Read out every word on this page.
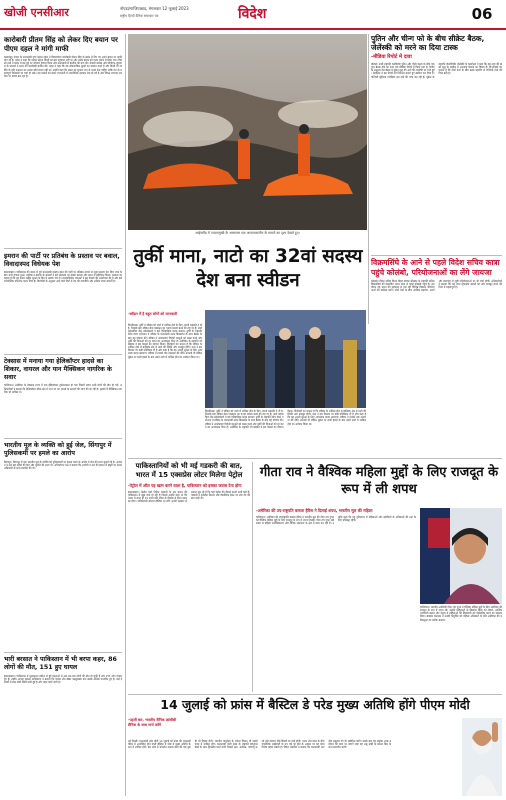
खोजी एनसीआर	नोएडा/गाजियाबाद, मंगलवार 12 जुलाई 2023
राष्ट्रीय हिन्दी दैनिक समाचार पत्र	विदेश	06
कारोबारी प्रीतम सिंह को लेकर दिए बयान पर पीएम दहल ने मांगी माफी
काठमांडू। नेपाल के प्रधानमंत्री पुष्प कमल दहल ने विवादास्पद कारोबारी प्रीतम सिंह के संबंध में दिए गए अपने बयान पर माफी मांग ली है। दहल ने कहा कि उनका उद्देश्य किसी को ठेस पहुंचाना नहीं था और उनके बयान को गलत संदर्भ में लिया गया। विपक्षी दलों ने संसद में इस मुद्दे पर जोरदार हंगामा किया और प्रधानमंत्री से इस्तीफे की मांग की। नेपाली कांग्रेस और सीपीएन-यूएमएल के सांसदों ने सदन की कार्यवाही बाधित की। दहल ने कहा कि वह लोकतांत्रिक मूल्यों का सम्मान करते हैं और किसी भी व्यक्ति के प्रति पक्षपात का उनका कोई इरादा नहीं था। उन्होंने कहा कि संसद को सुचारू रूप से चलने देना चाहिए ताकि देश के महत्वपूर्ण विधेयकों पर चर्चा हो सके। इस मामले को लेकर राजधानी में राजनीतिक हलचल तेज हो गई है और विपक्ष लगातार सरकार पर दबाव बना रहा है।
इमरान की पार्टी पर प्रतिबंध के प्रस्ताव पर बवाल, विवादास्पद विधेयक पेश
इस्लामाबाद। पाकिस्तान की संसद में पूर्व प्रधानमंत्री इमरान खान की पार्टी पर प्रतिबंध लगाने से जुड़ा प्रस्ताव पेश किए जाने के बाद भारी हंगामा हुआ। तहरीक-ए-इंसाफ के सांसदों ने इसे लोकतंत्र पर हमला बताया और सदन से बहिर्गमन किया। सरकार का कहना है कि यह कदम राष्ट्रीय सुरक्षा के हित में उठाया गया है। मानवाधिकार संगठनों ने इस फैसले की आलोचना की है और इसे राजनीतिक प्रतिशोध करार दिया है। विशेषज्ञों के अनुसार आने वाले दिनों में देश की राजनीति और अधिक गरमा सकती है।
टेक्सास में मनाया गया हेलिकॉप्टर हादसे का शिकार, वायरल और यान मैक्सिकन नागरिक के सवार
वाशिंगटन। अमेरिका के टेक्सास राज्य में एक हेलिकॉप्टर दुर्घटनाग्रस्त हो गया जिसमें सवार सभी लोगों की मौत हो गई। अधिकारियों ने बताया कि हेलिकॉप्टर सीमा क्षेत्र में गश्त पर था। हादसे के कारणों की जांच की जा रही है। मृतकों में मैक्सिकन नागरिक भी शामिल थे।
भारतीय मूल के व्यक्ति को हुई जेल, सिंगापुर में पुलिसकर्मी पर हमले का आरोप
सिंगापुर। सिंगापुर में एक भारतीय मूल के व्यक्ति को पुलिसकर्मी पर हमला करने के आरोप में जेल की सजा सुनाई गई है। अदालत ने उसे छह महीने की कैद और जुर्माने की सजा दी। अभियोजन पक्ष ने बताया कि आरोपी ने नशे की हालत में ड्यूटी पर तैनात अधिकारी के साथ मारपीट की थी।
भारी बरसात ने पाकिस्तान में भी बरपा कहर, 86 लोगों की मौत, 151 हुए घायल
इस्लामाबाद। पाकिस्तान में मूसलाधार बारिश से हुई घटनाओं में अब तक 86 लोगों की मौत हो चुकी है और 151 लोग घायल हुए हैं। राष्ट्रीय आपदा प्रबंधन प्राधिकरण ने बताया कि पंजाब और खैबर पख्तूनख्वा प्रांत सबसे अधिक प्रभावित हुए हैं। कई इलाकों में बाढ़ जैसी स्थिति बनी हुई है और राहत कार्य जारी है।
आईसलैंड में ज्वालामुखी के आसपास एक आपातकालीन के मामले का दृश्य देखते हुए।
तुर्की माना, नाटो का 32वां सदस्य देश बना स्वीडन
-स्वीडन में है बहुत लोगों को जानकारी
विलनियस। तुर्की ने स्वीडन को नाटो में शामिल होने के लिए अपनी सहमति दे दी है, जिसके बाद स्वीडन सैन्य गठबंधन का 32वां सदस्य बनने की राह पर है। नाटो महासचिव जेंस स्टोल्टेनबर्ग ने इसे ऐतिहासिक कदम बताया। तुर्की के राष्ट्रपति रेसेप तैयप एर्दोआन ने स्वीडन के प्रधानमंत्री उल्फ क्रिस्टर्सन के साथ बैठक के बाद यह घोषणा की। स्वीडन ने आतंकवाद विरोधी कानूनों को सख्त करने और तुर्की की चिंताओं को दूर करने का आश्वासन दिया है। अमेरिका के राष्ट्रपति जो बाइडन ने इस फैसले का स्वागत किया। विशेषज्ञों का मानना है कि स्वीडन के शामिल होने से बाल्टिक क्षेत्र में नाटो की स्थिति और मजबूत होगी। रूस ने इस विस्तार पर कड़ी प्रतिक्रिया दी है और कहा है कि वह अपनी सुरक्षा के लिए आवश्यक कदम उठाएगा। स्वीडन ने दशकों तक तटस्थता की नीति अपनाई थी लेकिन यूक्रेन पर रूसी हमले के बाद उसने नाटो में शामिल होने का आवेदन किया था।
विलनियस। तुर्की ने स्वीडन को नाटो में शामिल होने के लिए अपनी सहमति दे दी है, जिसके बाद स्वीडन सैन्य गठबंधन का 32वां सदस्य बनने की राह पर है। नाटो महासचिव जेंस स्टोल्टेनबर्ग ने इसे ऐतिहासिक कदम बताया। तुर्की के राष्ट्रपति रेसेप तैयप एर्दोआन ने स्वीडन के प्रधानमंत्री उल्फ क्रिस्टर्सन के साथ बैठक के बाद यह घोषणा की। स्वीडन ने आतंकवाद विरोधी कानूनों को सख्त करने और तुर्की की चिंताओं को दूर करने का आश्वासन दिया है। अमेरिका के राष्ट्रपति जो बाइडन ने इस फैसले का स्वागत किया। विशेषज्ञों का मानना है कि स्वीडन के शामिल होने से बाल्टिक क्षेत्र में नाटो की स्थिति और मजबूत होगी। रूस ने इस विस्तार पर कड़ी प्रतिक्रिया दी है और कहा है कि वह अपनी सुरक्षा के लिए आवश्यक कदम उठाएगा। स्वीडन ने दशकों तक तटस्थता की नीति अपनाई थी लेकिन यूक्रेन पर रूसी हमले के बाद उसने नाटो में शामिल होने का आवेदन किया था।
पुतिन और चीन्ग फो के बीच सीक्रेट बैठक, जेलेंस्की को मरने का दिया टास्क
-मीडिया रिपोर्ट में दावा
मॉस्को। रूसी राष्ट्रपति व्लादिमीर पुतिन और चीनी नेतृत्व के बीच एक गुप्त बैठक होने का दावा एक मीडिया रिपोर्ट में किया गया है। रिपोर्ट के अनुसार इस बैठक में यूक्रेन युद्ध की आगे की रणनीति पर चर्चा हुई। क्रेमलिन ने इस रिपोर्ट को निराधार बताते हुए खारिज कर दिया है। पश्चिमी खुफिया एजेंसियां इस दावे की जांच कर रही हैं। यूक्रेन के राष्ट्रपति वोलोदिमीर जेलेंस्की के कार्यालय ने कहा कि इस तरह की खबरें युद्ध के माहौल में अफवाह फैलाने का हिस्सा हैं। विश्लेषकों का मानना है कि दोनों देशों के बीच बढ़ते सहयोग से पश्चिमी देशों की चिंता बढ़ी है।
विक्रमसिंघे के आने से पहले विदेश सचिव कात्रा पहुंचे कोलंबो, परियोजनाओं का लेंगे जायजा
कोलंबो। विदेश सचिव विनय मोहन क्वात्रा श्रीलंका के राष्ट्रपति रानिल विक्रमसिंघे की प्रस्तावित भारत यात्रा से पहले कोलंबो पहुंचे हैं। इस दौरान वह भारत की सहायता से चल रही विभिन्न विकास परियोजनाओं की समीक्षा करेंगे। दोनों देशों के बीच आर्थिक सहयोग, ऊर्जा और बंदरगाह से जुड़ी परियोजनाओं पर भी चर्चा होगी। अधिकारियों ने बताया कि यह यात्रा द्विपक्षीय संबंधों को और मजबूत करने की दिशा में महत्वपूर्ण है।
पाकिस्तानियों को भी मई गडकरी की बात, भारत में 15 एक्सप्रेस लोटर मिलेगा पेट्रोल
-पेट्रोल में ऑल यह खत्म करने वाला है, पाकिस्तान को इसका जवाब देना होगा
इस्लामाबाद। केंद्रीय मंत्री नितिन गडकरी के उस बयान की पाकिस्तान में खूब चर्चा हो रही है जिसमें उन्होंने कहा था कि भारत में जल्द ही 15 रुपये प्रति लीटर के हिसाब से ईंधन उपलब्ध होगा। पाकिस्तानी सोशल मीडिया पर लोग अपनी सरकार से सवाल पूछ रहे हैं कि वहां पेट्रोल की कीमतें इतनी ऊंची क्यों हैं। गडकरी ने इथेनॉल मिश्रण और वैकल्पिक ईंधन पर जोर देने की बात कही थी।
गीता राव ने वैश्विक महिला मुद्दों के लिए राजदूत के रूप में ली शपथ
-अमेरिका की उप-राष्ट्रपति कमला हैरिस ने दिलाई शपथ, भारतीय मूल की महिला
वाशिंगटन। अमेरिका की उपराष्ट्रपति कमला हैरिस ने भारतीय मूल की गीता राव गुप्ता को वैश्विक महिला मुद्दों के लिए राजदूत के रूप में शपथ दिलाई। गीता राव गुप्ता लंबे समय से महिला सशक्तिकरण और लैंगिक समानता के क्षेत्र में काम कर रही हैं। उन्होंने कहा कि वह दुनियाभर में महिलाओं और लड़कियों के अधिकारों की रक्षा के लिए प्रतिबद्ध रहेंगी।
वाशिंगटन। भारतीय-अमेरिकी गीता राव गुप्ता ने वैश्विक महिला मुद्दों के लिए अमेरिका की राजदूत के रूप में शपथ ली। उन्होंने महिलाओं के खिलाफ हिंसा को रोकने, आर्थिक भागीदारी बढ़ाने और नेतृत्व में महिलाओं की हिस्सेदारी को प्रोत्साहित करने का संकल्प लिया। बाइडन प्रशासन ने उनकी नियुक्ति को महिला अधिकारों के प्रति अमेरिका की प्रतिबद्धता का प्रतीक बताया।
14 जुलाई को फ्रांस में बैस्टिल डे परेड मुख्य अतिथि होंगे पीएम मोदी
-पहली बार, भारतीय सैनिक फ्रांसीसी सैनिक के साथ मार्च करेंगे
नई दिल्ली। प्रधानमंत्री नरेंद्र मोदी 14 जुलाई को फ्रांस की राजधानी पेरिस में आयोजित होने वाली बैस्टिल डे परेड में मुख्य अतिथि के रूप में शामिल होंगे। इस परेड में भारतीय सशस्त्र बलों की एक टुकड़ी भी हिस्सा लेगी। भारतीय वायुसेना के राफेल विमान भी फ्लाईपास्ट में शामिल होंगे। प्रधानमंत्री मोदी फ्रांस के राष्ट्रपति इमैनुएल मैक्रों के साथ द्विपक्षीय वार्ता करेंगे जिसमें रक्षा, अंतरिक्ष, परमाणु ऊर्जा और व्यापार जैसे विषयों पर चर्चा होगी। भारत और फ्रांस के बीच रणनीतिक साझेदारी के 25 वर्ष पूरे होने के अवसर पर यह यात्रा विशेष महत्व रखती है। विदेश मंत्रालय ने बताया कि प्रधानमंत्री भारतीय समुदाय को भी संबोधित करेंगे। इसके बाद वह संयुक्त अरब अमीरात की यात्रा पर जाएंगे जहां वह अबू धाबी के क्राउन प्रिंस के साथ बातचीत करेंगे।
